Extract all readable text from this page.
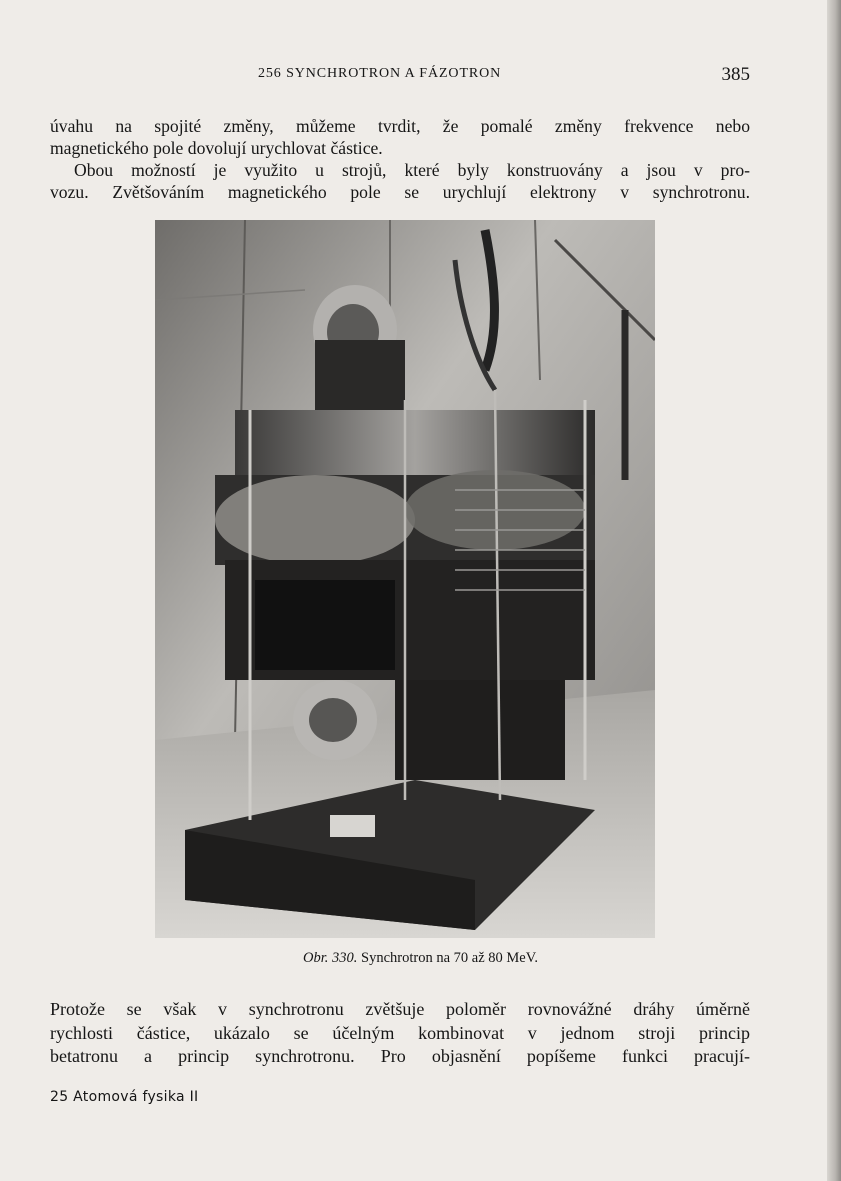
256 SYNCHROTRON A FÁZOTRON	385
úvahu na spojité změny, můžeme tvrdit, že pomalé změny frekvence nebo
magnetického pole dovolují urychlovat částice.
Obou možností je využito u strojů, které byly konstruovány a jsou v pro-
vozu. Zvětšováním magnetického pole se urychlují elektrony v synchrotronu.
Obr. 330. Synchrotron na 70 až 80 MeV.
Protože se však v synchrotronu zvětšuje poloměr rovnovážné dráhy úměrně
rychlosti částice, ukázalo se účelným kombinovat v jednom stroji princip
betatronu a princip synchrotronu. Pro objasnění popíšeme funkci pracují-
25 Atomová fysika II
